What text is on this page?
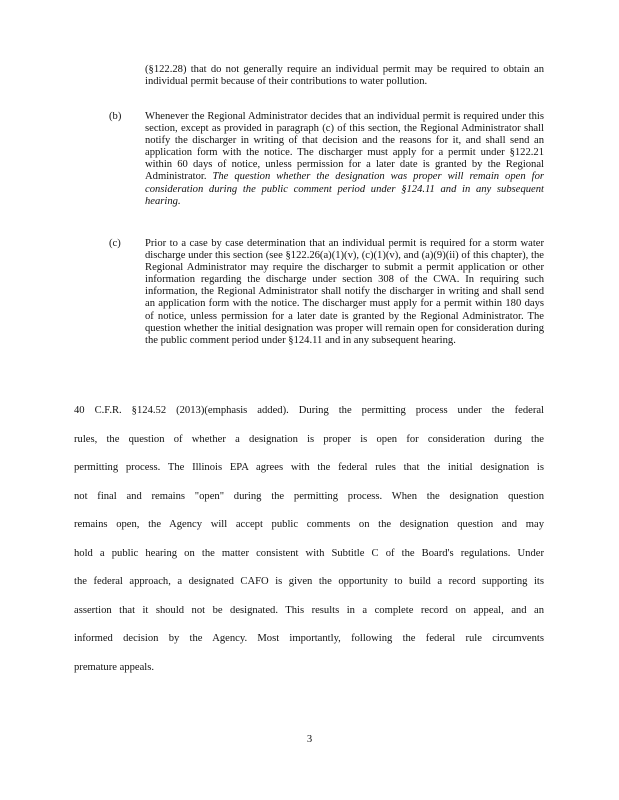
(§122.28) that do not generally require an individual permit may be required to obtain an individual permit because of their contributions to water pollution.

(b) Whenever the Regional Administrator decides that an individual permit is required under this section, except as provided in paragraph (c) of this section, the Regional Administrator shall notify the discharger in writing of that decision and the reasons for it, and shall send an application form with the notice. The discharger must apply for a permit under §122.21 within 60 days of notice, unless permission for a later date is granted by the Regional Administrator. The question whether the designation was proper will remain open for consideration during the public comment period under §124.11 and in any subsequent hearing.
(c) Prior to a case by case determination that an individual permit is required for a storm water discharge under this section (see §122.26(a)(1)(v), (c)(1)(v), and (a)(9)(ii) of this chapter), the Regional Administrator may require the discharger to submit a permit application or other information regarding the discharge under section 308 of the CWA. In requiring such information, the Regional Administrator shall notify the discharger in writing and shall send an application form with the notice. The discharger must apply for a permit within 180 days of notice, unless permission for a later date is granted by the Regional Administrator. The question whether the initial designation was proper will remain open for consideration during the public comment period under §124.11 and in any subsequent hearing.
40 C.F.R. §124.52 (2013)(emphasis added). During the permitting process under the federal
rules, the question of whether a designation is proper is open for consideration during the
permitting process. The Illinois EPA agrees with the federal rules that the initial designation is
not final and remains "open" during the permitting process. When the designation question
remains open, the Agency will accept public comments on the designation question and may
hold a public hearing on the matter consistent with Subtitle C of the Board's regulations. Under
the federal approach, a designated CAFO is given the opportunity to build a record supporting its
assertion that it should not be designated. This results in a complete record on appeal, and an
informed decision by the Agency. Most importantly, following the federal rule circumvents
premature appeals.
3
